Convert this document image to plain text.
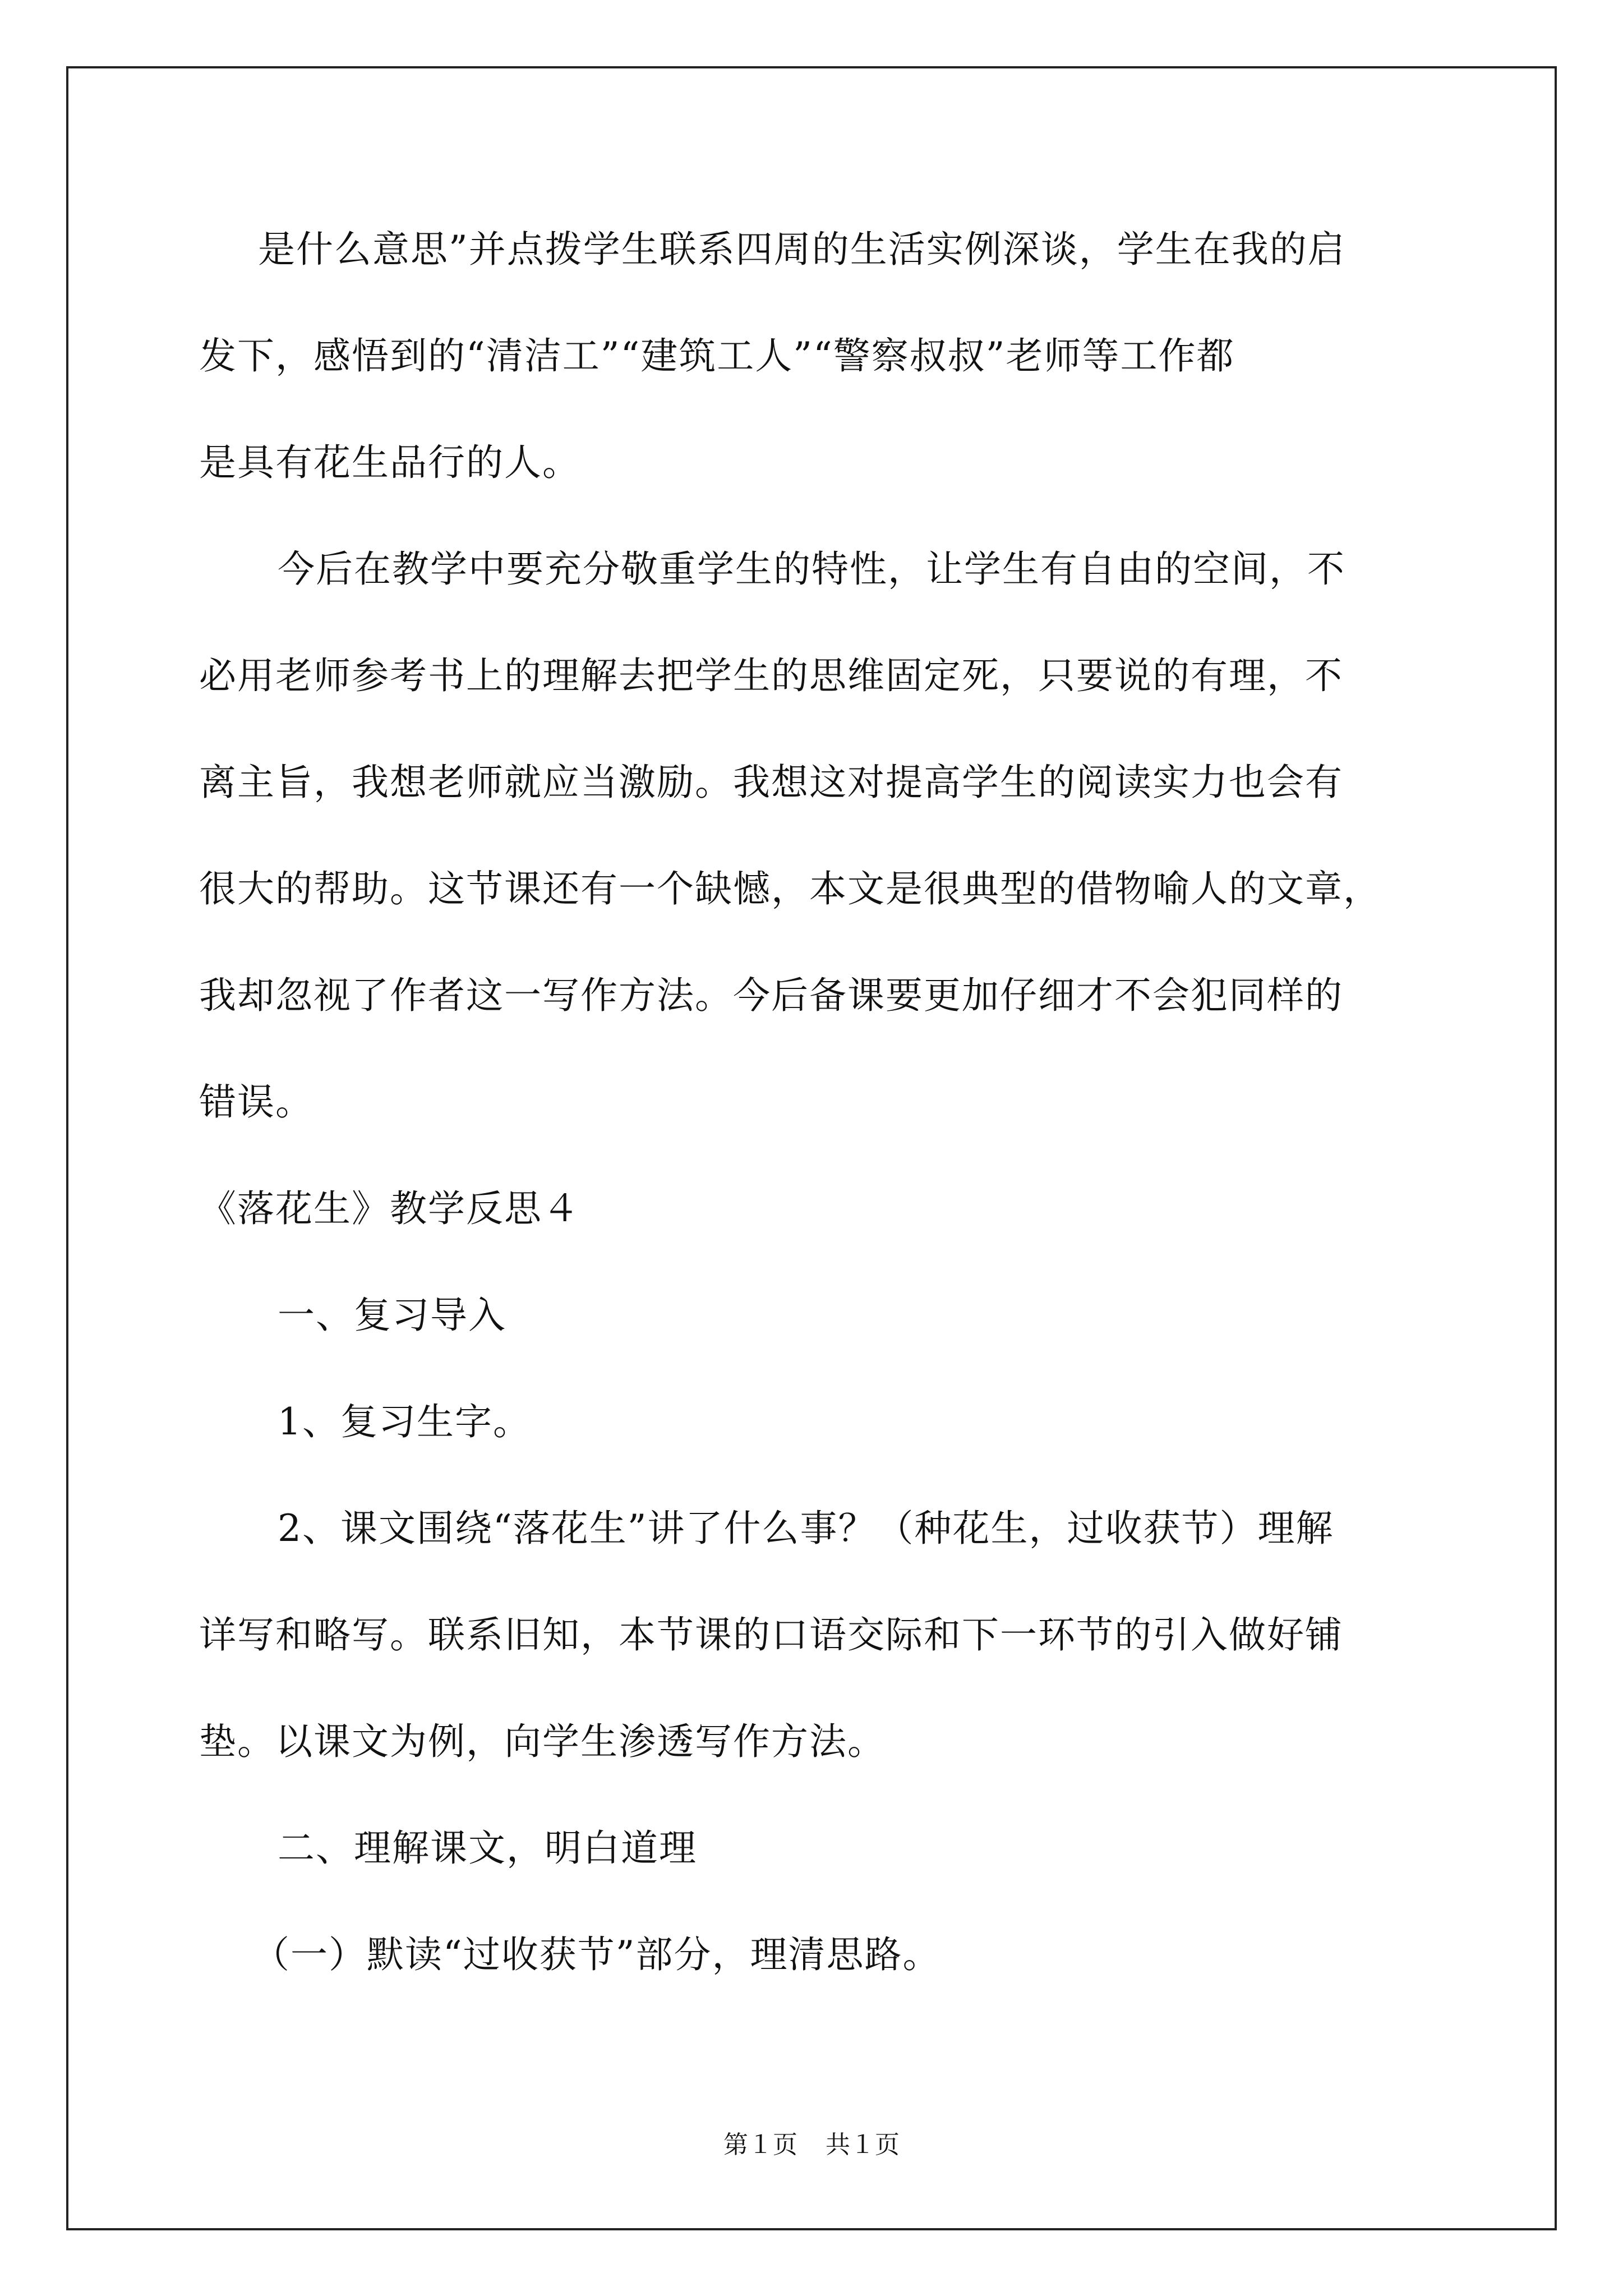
是什么意思”并点拨学生联系四周的生活实例深谈，学生在我的启
发下，感悟到的“清洁工”“建筑工人”“警察叔叔”老师等工作都
是具有花生品行的人。
今后在教学中要充分敬重学生的特性，让学生有自由的空间，不
必用老师参考书上的理解去把学生的思维固定死，只要说的有理，不
离主旨，我想老师就应当激励。我想这对提高学生的阅读实力也会有
很大的帮助。这节课还有一个缺憾，本文是很典型的借物喻人的文章，
我却忽视了作者这一写作方法。今后备课要更加仔细才不会犯同样的
错误。
《落花生》教学反思４
一、复习导入
1、复习生字。
2、课文围绕“落花生”讲了什么事？（种花生，过收获节）理解
详写和略写。联系旧知，本节课的口语交际和下一环节的引入做好铺
垫。以课文为例，向学生渗透写作方法。
二、理解课文，明白道理
（一）默读“过收获节”部分，理清思路。
第１页 共１页
